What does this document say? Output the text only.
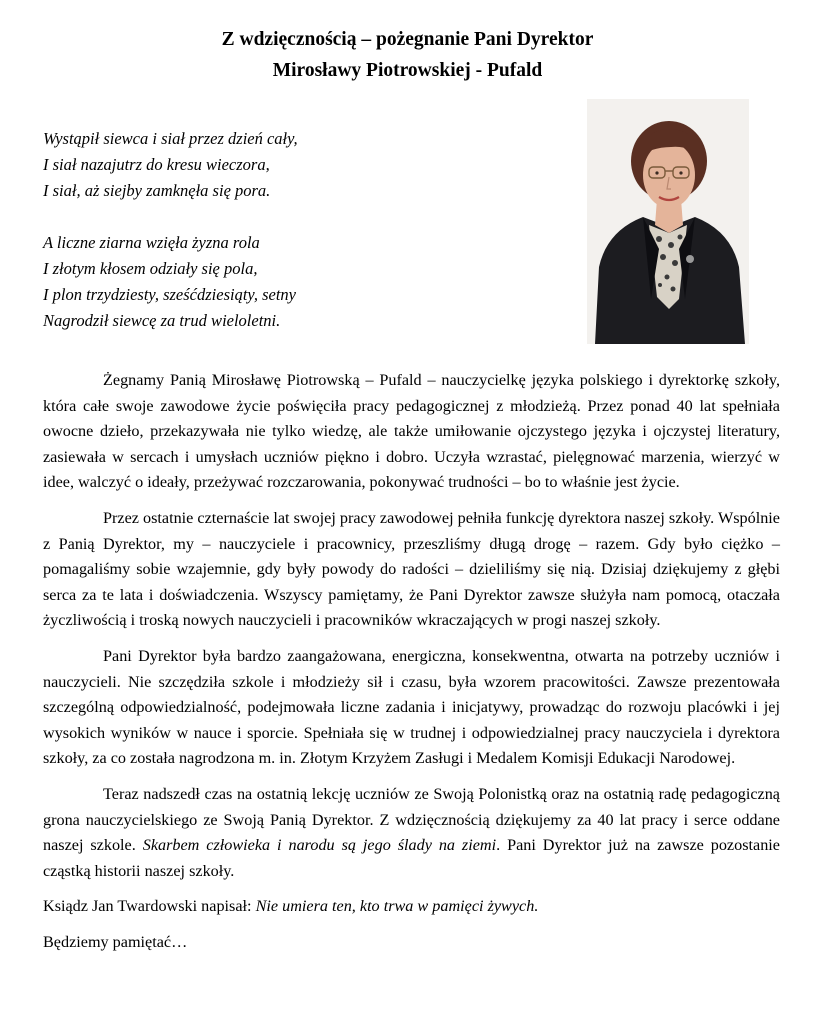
Z wdzięcznością – pożegnanie Pani Dyrektor
Mirosławy Piotrowskiej - Pufald

Wystąpił siewca i siał przez dzień cały,
I siał nazajutrz do kresu wieczora,
I siał, aż siejby zamknęła się pora.

A liczne ziarna wzięła żyzna rola
I złotym kłosem odziały się pola,
I plon trzydziesty, sześćdziesiąty, setny
Nagrodził siewcę za trud wieloletni.

Żegnamy Panią Mirosławę Piotrowską – Pufald – nauczycielkę języka polskiego i dyrektorkę szkoły, która całe swoje zawodowe życie poświęciła pracy pedagogicznej z młodzieżą. Przez ponad 40 lat spełniała owocne dzieło, przekazywała nie tylko wiedzę, ale także umiłowanie ojczystego języka i ojczystej literatury, zasiewała w sercach i umysłach uczniów piękno i dobro. Uczyła wzrastać, pielęgnować marzenia, wierzyć w idee, walczyć o ideały, przeżywać rozczarowania, pokonywać trudności – bo to właśnie jest życie.

Przez ostatnie czternaście lat swojej pracy zawodowej pełniła funkcję dyrektora naszej szkoły. Wspólnie z Panią Dyrektor, my – nauczyciele i pracownicy, przeszliśmy długą drogę – razem. Gdy było ciężko – pomagaliśmy sobie wzajemnie, gdy były powody do radości – dzieliliśmy się nią. Dzisiaj dziękujemy z głębi serca za te lata i doświadczenia. Wszyscy pamiętamy, że Pani Dyrektor zawsze służyła nam pomocą, otaczała życzliwością i troską nowych nauczycieli i pracowników wkraczających w progi naszej szkoły.

Pani Dyrektor była bardzo zaangażowana, energiczna, konsekwentna, otwarta na potrzeby uczniów i nauczycieli. Nie szczędziła szkole i młodzieży sił i czasu, była wzorem pracowitości. Zawsze prezentowała szczególną odpowiedzialność, podejmowała liczne zadania i inicjatywy, prowadząc do rozwoju placówki i jej wysokich wyników w nauce i sporcie. Spełniała się w trudnej i odpowiedzialnej pracy nauczyciela i dyrektora szkoły, za co została nagrodzona m. in. Złotym Krzyżem Zasługi i Medalem Komisji Edukacji Narodowej.

Teraz nadszedł czas na ostatnią lekcję uczniów ze Swoją Polonistką oraz na ostatnią radę pedagogiczną grona nauczycielskiego ze Swoją Panią Dyrektor. Z wdzięcznością dziękujemy za 40 lat pracy i serce oddane naszej szkole. Skarbem człowieka i narodu są jego ślady na ziemi. Pani Dyrektor już na zawsze pozostanie cząstką historii naszej szkoły.

Ksiądz Jan Twardowski napisał: Nie umiera ten, kto trwa w pamięci żywych.

Będziemy pamiętać…
